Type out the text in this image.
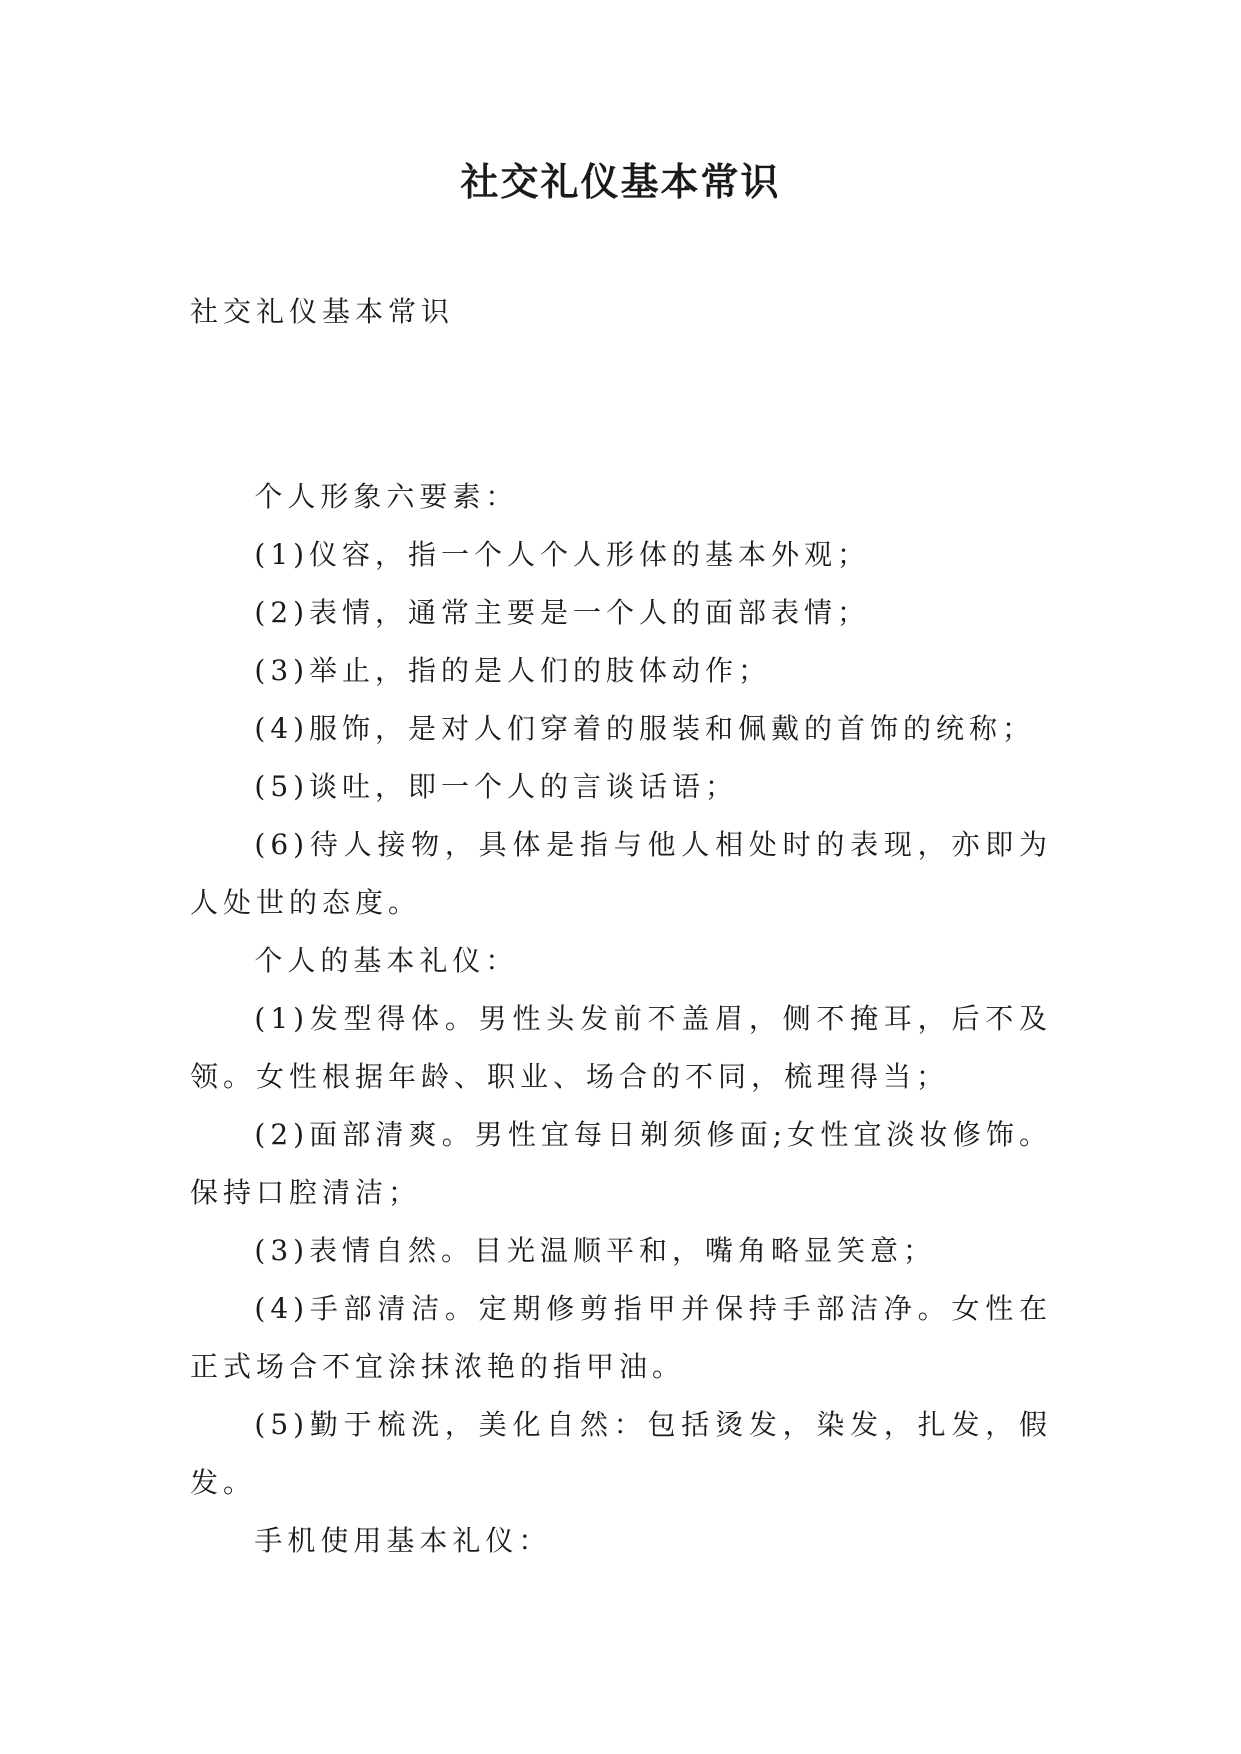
社交礼仪基本常识

社交礼仪基本常识

个人形象六要素：

(1)仪容，指一个人个人形体的基本外观；

(2)表情，通常主要是一个人的面部表情；

(3)举止，指的是人们的肢体动作；

(4)服饰，是对人们穿着的服装和佩戴的首饰的统称；

(5)谈吐，即一个人的言谈话语；

(6)待人接物，具体是指与他人相处时的表现，亦即为人处世的态度。

个人的基本礼仪：

(1)发型得体。男性头发前不盖眉，侧不掩耳，后不及领。女性根据年龄、职业、场合的不同，梳理得当；

(2)面部清爽。男性宜每日剃须修面;女性宜淡妆修饰。保持口腔清洁；

(3)表情自然。目光温顺平和，嘴角略显笑意；

(4)手部清洁。定期修剪指甲并保持手部洁净。女性在正式场合不宜涂抹浓艳的指甲油。

(5)勤于梳洗，美化自然：包括烫发，染发，扎发，假发。

手机使用基本礼仪：
